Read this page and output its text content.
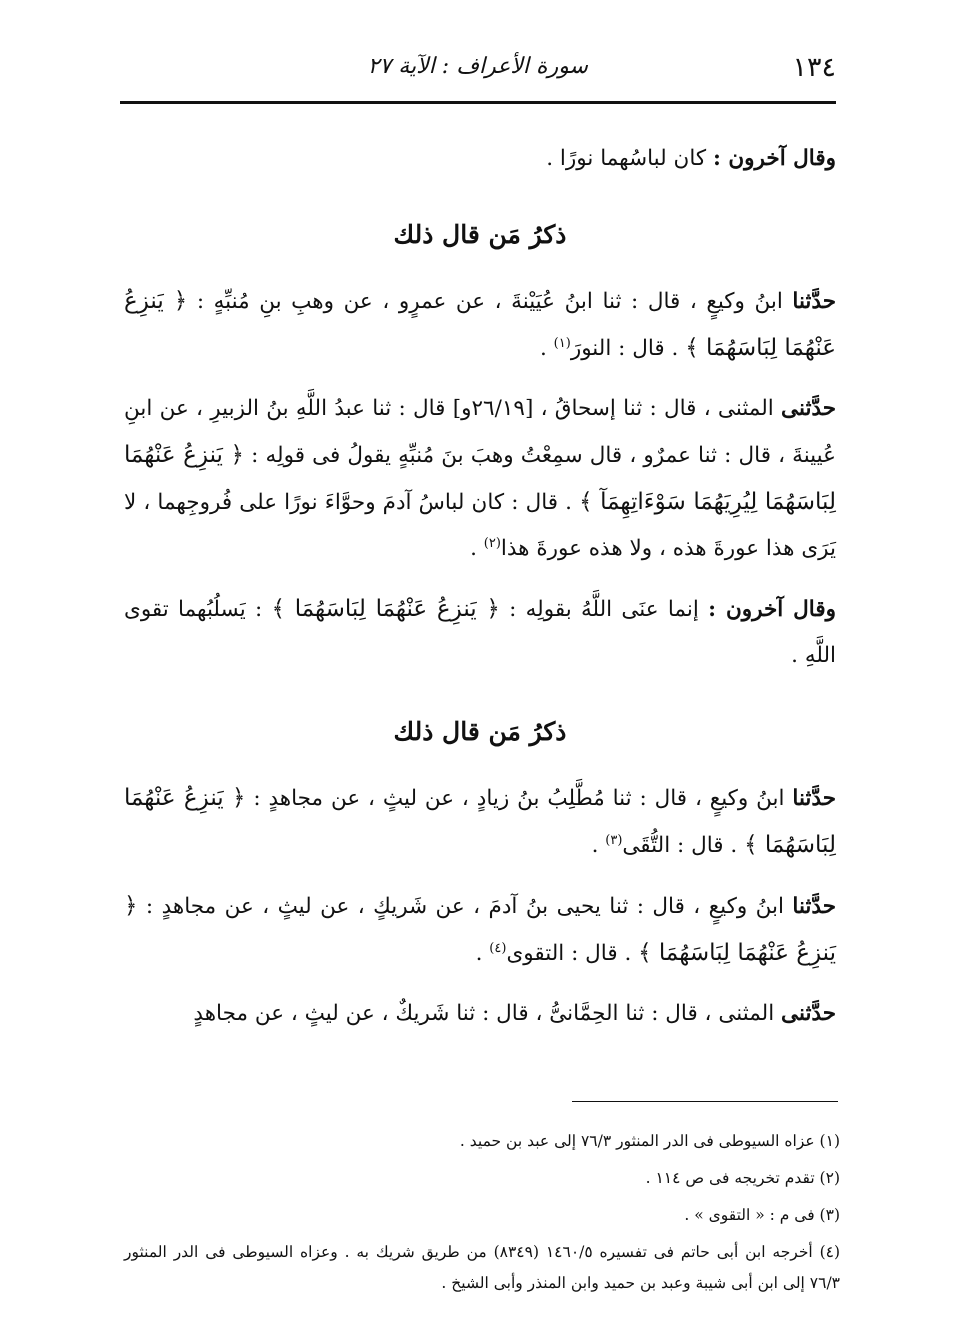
١٣٤
سورة الأعراف : الآية ٢٧

وقال آخرون : كان لباسُهما نورًا .

ذكرُ مَن قال ذلك

حدَّثنا ابنُ وكيعٍ ، قال : ثنا ابنُ عُيَيْنةَ ، عن عمرٍو ، عن وهبِ بنِ مُنبِّهٍ : ﴿ يَنزِعُ عَنْهُمَا لِبَاسَهُمَا ﴾ . قال : النورَ$^{(١)}$ .

حدَّثنى المثنى ، قال : ثنا إسحاقُ ، [٢٦/١٩و] قال : ثنا عبدُ اللَّهِ بنُ الزبيرِ ، عن ابنِ عُيينةَ ، قال : ثنا عمرٌو ، قال سمِعْتُ وهبَ بنَ مُنبِّهٍ يقولُ فى قولِه : ﴿ يَنزِعُ عَنْهُمَا لِبَاسَهُمَا لِيُرِيَهُمَا سَوْءَاتِهِمَآ ﴾ . قال : كان لباسُ آدمَ وحوَّاءَ نورًا على فُروجِهما ، لا يَرَى هذا عورةَ هذه ، ولا هذه عورةَ هذا$^{(٢)}$ .

وقال آخرون : إنما عنَى اللَّهُ بقولِه : ﴿ يَنزِعُ عَنْهُمَا لِبَاسَهُمَا ﴾ : يَسلُبُهما تقوى اللَّهِ .

ذكرُ مَن قال ذلك

حدَّثنا ابنُ وكيعٍ ، قال : ثنا مُطَّلِبُ بنُ زيادٍ ، عن ليثٍ ، عن مجاهدٍ : ﴿ يَنزِعُ عَنْهُمَا لِبَاسَهُمَا ﴾ . قال : التُّقَى$^{(٣)}$ .

حدَّثنا ابنُ وكيعٍ ، قال : ثنا يحيى بنُ آدمَ ، عن شَريكٍ ، عن ليثٍ ، عن مجاهدٍ : ﴿ يَنزِعُ عَنْهُمَا لِبَاسَهُمَا ﴾ . قال : التقوى$^{(٤)}$ .

حدَّثنى المثنى ، قال : ثنا الحِمَّانىُّ ، قال : ثنا شَريكٌ ، عن ليثٍ ، عن مجاهدٍ

(١) عزاه السيوطى فى الدر المنثور ٧٦/٣ إلى عبد بن حميد .

(٢) تقدم تخريجه فى ص ١١٤ .

(٣) فى م : « التقوى » .

(٤) أخرجه ابن أبى حاتم فى تفسيره ١٤٦٠/٥ (٨٣٤٩) من طريق شريك به . وعزاه السيوطى فى الدر المنثور ٧٦/٣ إلى ابن أبى شيبة وعبد بن حميد وابن المنذر وأبى الشيخ .
